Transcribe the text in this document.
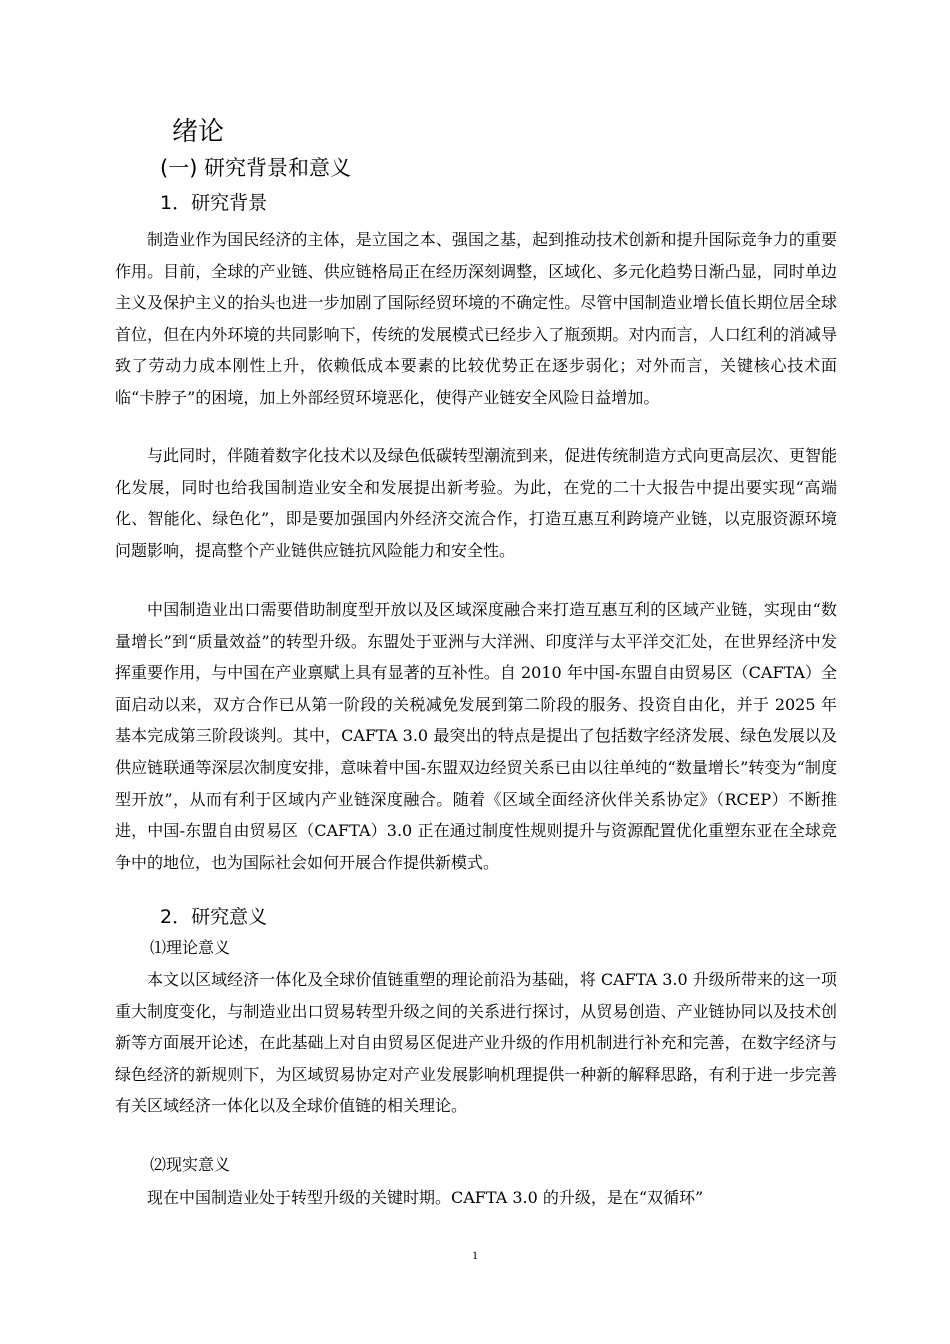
绪论
(一) 研究背景和意义
1．研究背景

制造业作为国民经济的主体，是立国之本、强国之基，起到推动技术创新和提升国际竞争力的重要作用。目前，全球的产业链、供应链格局正在经历深刻调整，区域化、多元化趋势日渐凸显，同时单边主义及保护主义的抬头也进一步加剧了国际经贸环境的不确定性。尽管中国制造业增长值长期位居全球首位，但在内外环境的共同影响下，传统的发展模式已经步入了瓶颈期。对内而言，人口红利的消减导致了劳动力成本刚性上升，依赖低成本要素的比较优势正在逐步弱化；对外而言，关键核心技术面临“卡脖子”的困境，加上外部经贸环境恶化，使得产业链安全风险日益增加。

与此同时，伴随着数字化技术以及绿色低碳转型潮流到来，促进传统制造方式向更高层次、更智能化发展，同时也给我国制造业安全和发展提出新考验。为此，在党的二十大报告中提出要实现“高端化、智能化、绿色化”，即是要加强国内外经济交流合作，打造互惠互利跨境产业链，以克服资源环境问题影响，提高整个产业链供应链抗风险能力和安全性。

中国制造业出口需要借助制度型开放以及区域深度融合来打造互惠互利的区域产业链，实现由“数量增长”到“质量效益”的转型升级。东盟处于亚洲与大洋洲、印度洋与太平洋交汇处，在世界经济中发挥重要作用，与中国在产业禀赋上具有显著的互补性。自 2010 年中国-东盟自由贸易区（CAFTA）全面启动以来，双方合作已从第一阶段的关税减免发展到第二阶段的服务、投资自由化，并于 2025 年基本完成第三阶段谈判。其中，CAFTA 3.0 最突出的特点是提出了包括数字经济发展、绿色发展以及供应链联通等深层次制度安排，意味着中国-东盟双边经贸关系已由以往单纯的“数量增长”转变为“制度型开放”，从而有利于区域内产业链深度融合。随着《区域全面经济伙伴关系协定》（RCEP）不断推进，中国-东盟自由贸易区（CAFTA）3.0 正在通过制度性规则提升与资源配置优化重塑东亚在全球竞争中的地位，也为国际社会如何开展合作提供新模式。

2．研究意义
⑴理论意义

本文以区域经济一体化及全球价值链重塑的理论前沿为基础，将 CAFTA 3.0 升级所带来的这一项重大制度变化，与制造业出口贸易转型升级之间的关系进行探讨，从贸易创造、产业链协同以及技术创新等方面展开论述，在此基础上对自由贸易区促进产业升级的作用机制进行补充和完善，在数字经济与绿色经济的新规则下，为区域贸易协定对产业发展影响机理提供一种新的解释思路，有利于进一步完善有关区域经济一体化以及全球价值链的相关理论。

⑵现实意义

现在中国制造业处于转型升级的关键时期。CAFTA 3.0 的升级，是在“双循环”

1
